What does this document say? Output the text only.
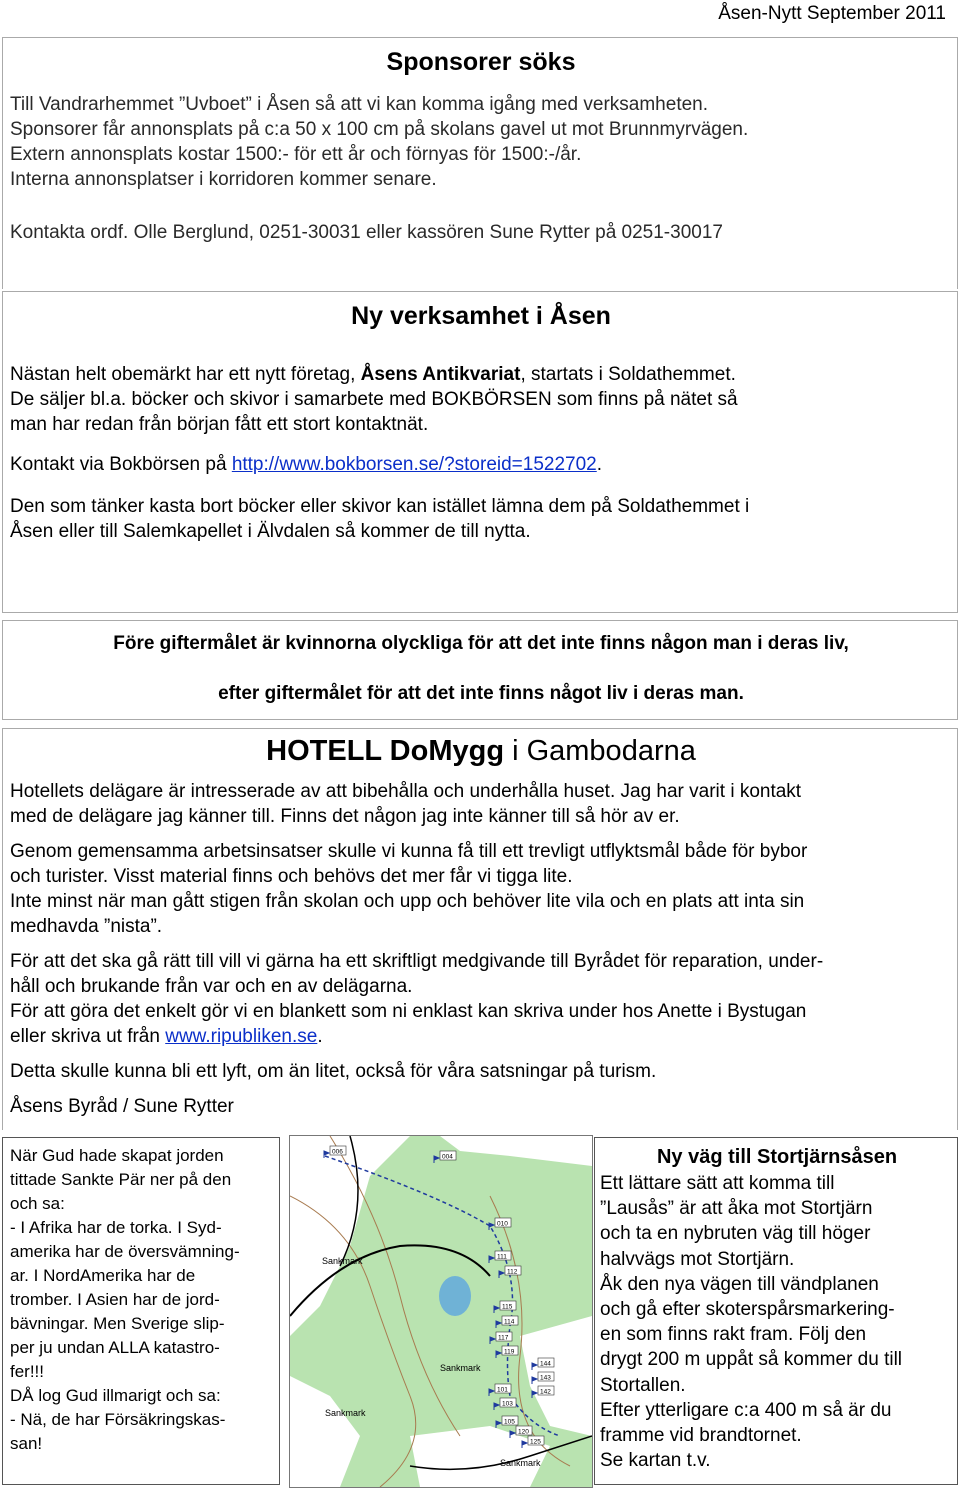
Åsen-Nytt September 2011
Sponsorer söks

Till Vandrarhemmet ”Uvboet” i Åsen så att vi kan komma igång med verksamheten.

Sponsorer får annonsplats på c:a 50 x 100 cm på skolans gavel ut mot Brunnmyrvägen.

Extern annonsplats kostar 1500:- för ett år och förnyas för 1500:-/år.

Interna annonsplatser i korridoren kommer senare.

Kontakta ordf. Olle Berglund, 0251-30031 eller kassören Sune Rytter på 0251-30017

Ny verksamhet i Åsen

Nästan helt obemärkt har ett nytt företag, Åsens Antikvariat, startats i Soldathemmet.

De säljer bl.a. böcker och skivor i samarbete med BOKBÖRSEN som finns på nätet så

man har redan från början fått ett stort kontaktnät.

Kontakt via Bokbörsen på http://www.bokborsen.se/?storeid=1522702.

Den som tänker kasta bort böcker eller skivor kan istället lämna dem på Soldathemmet i

Åsen eller till Salemkapellet i Älvdalen så kommer de till nytta.

Före giftermålet är kvinnorna olyckliga för att det inte finns någon man i deras liv,
efter giftermålet för att det inte finns något liv i deras man.
HOTELL DoMygg i Gambodarna

Hotellets delägare är intresserade av att bibehålla och underhålla huset. Jag har varit i kontakt

med de delägare jag känner till. Finns det någon jag inte känner till så hör av er.

Genom gemensamma arbetsinsatser skulle vi kunna få till ett trevligt utflyktsmål både för bybor

och turister. Visst material finns och behövs det mer får vi tigga lite.

Inte minst när man gått stigen från skolan och upp och behöver lite vila och en plats att inta sin

medhavda ”nista”.

För att det ska gå rätt till vill vi gärna ha ett skriftligt medgivande till Byrådet för reparation, under-

håll och brukande från var och en av delägarna.

För att göra det enkelt gör vi en blankett som ni enklast kan skriva under hos Anette i Bystugan

eller skriva ut från www.ripubliken.se.

Detta skulle kunna bli ett lyft, om än litet, också för våra satsningar på turism.

Åsens Byråd / Sune Rytter

När Gud hade skapat jorden
tittade Sankte Pär ner på den
och sa:
- I Afrika har de torka. I Syd-
amerika har de översvämning-
ar. I NordAmerika har de
tromber. I Asien har de jord-
bävningar. Men Sverige slip-
per ju undan ALLA katastro-
fer!!!
DÅ log Gud illmarigt och sa:
- Nä, de har Försäkringskas-
san!
Sankmark
Sankmark
Sankmark
Sankmark
006
004
010
111
112
115
114
117
119
144
143
142
101
103
105
120
125
Ny väg till Stortjärnsåsen
Ett lättare sätt att komma till
”Lausås” är att åka mot Stortjärn
och ta en nybruten väg till höger
halvvägs mot Stortjärn.
Åk den nya vägen till vändplanen
och gå efter skoterspårsmarkering-
en som finns rakt fram. Följ den
drygt 200 m uppåt så kommer du till
Stortallen.
Efter ytterligare c:a 400 m så är du
framme vid brandtornet.
Se kartan t.v.
